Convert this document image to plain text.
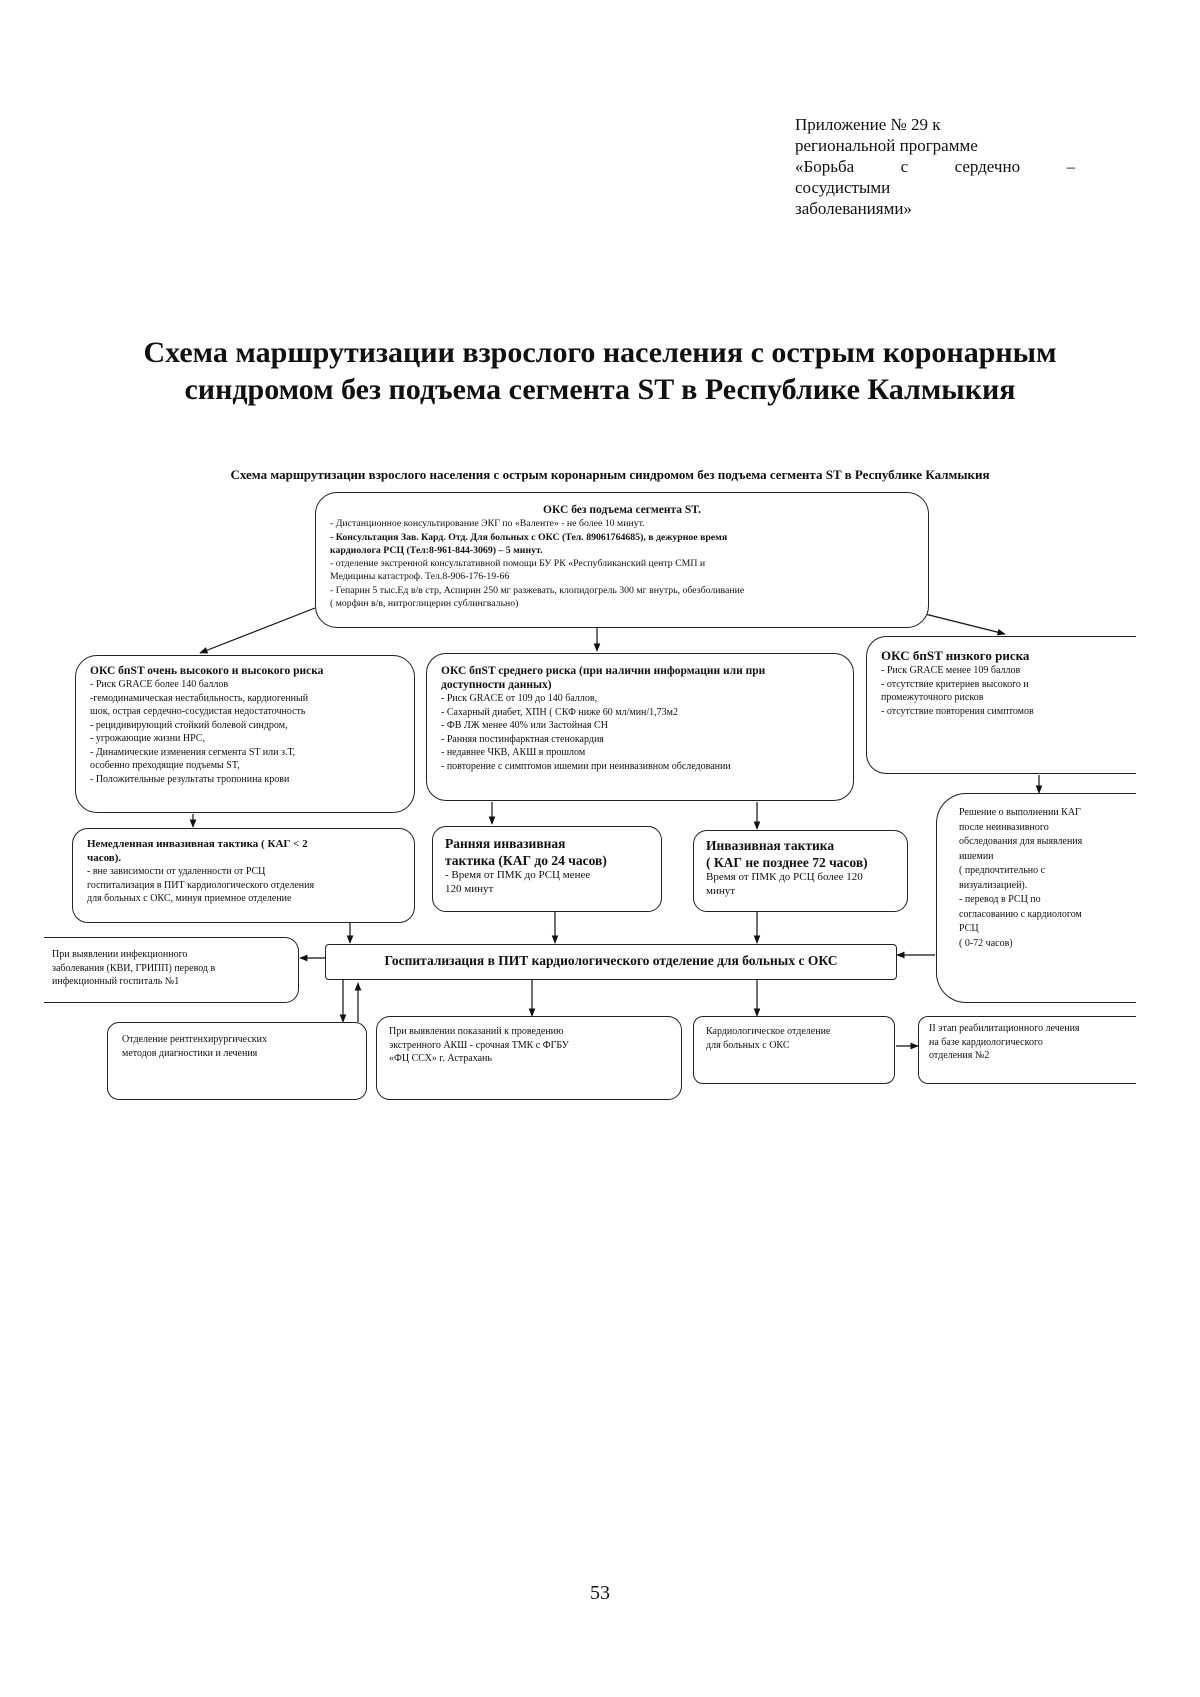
Приложение № 29 к
региональной программе
«Борьба	с	сердечно	–
сосудистыми
заболеваниями»
Схема маршрутизации взрослого населения с острым коронарным
синдромом без подъема сегмента ST в Республике Калмыкия
Схема маршрутизации взрослого населения с острым коронарным синдромом без подъема сегмента ST в Республике Калмыкия
ОКС без подъема сегмента ST.
- Дистанционное консультирование ЭКГ по «Валенте» - не более 10 минут.
- Консультация Зав. Кард. Отд. Для больных с ОКС (Тел. 89061764685), в дежурное время
кардиолога РСЦ (Тел:8-961-844-3069) – 5 минут.
- отделение экстренной консультативной помощи БУ РК «Республиканский центр СМП и
Медицины катастроф. Тел.8-906-176-19-66
- Гепарин 5 тыс.Ед в/в стр, Аспирин 250 мг разжевать, клопидогрель 300 мг внутрь, обезболивание
( морфин в/в, нитроглицерин сублингвально)
ОКС бпST очень высокого и высокого риска
- Риск GRACE более 140 баллов
-гемодинамическая нестабильность, кардиогенный
шок, острая сердечно-сосудистая недостаточность
- рецидивирующий стойкий болевой синдром,
- угрожающие жизни НРС,
- Динамические изменения сегмента ST или з.Т,
особенно преходящие подъемы ST,
- Положительные результаты тропонина крови
ОКС бпST среднего риска (при наличии информации или при
доступности данных)
- Риск GRACE от 109 до 140 баллов,
- Сахарный диабет, ХПН ( СКФ ниже 60 мл/мин/1,73м2
- ФВ ЛЖ менее 40% или Застойная СН
- Ранняя постинфарктная стенокардия
- недавнее ЧКВ, АКШ в прошлом
- повторение с симптомов ишемии при неинвазивном обследовании
ОКС бпST низкого риска
- Риск GRACE менее 109 баллов
- отсутствие критериев высокого и
промежуточного рисков
- отсутствие повторения симптомов
Немедленная инвазивная тактика ( КАГ < 2
часов).
- вне зависимости от удаленности от РСЦ
госпитализация в ПИТ кардиологического отделения
для больных с ОКС, минуя приемное отделение
Ранняя инвазивная
тактика (КАГ до 24 часов)
- Время от ПМК до РСЦ менее
120 минут
Инвазивная тактика
( КАГ не позднее 72 часов)
Время от ПМК до РСЦ более 120
минут
Решение о выполнении КАГ
после неинвазивного
обследования для выявления
ишемии
( предпочтительно с
визуализацией).
- перевод в РСЦ по
согласованию с кардиологом
РСЦ
( 0-72 часов)
При выявлении инфекционного
заболевания (КВИ, ГРИПП) перевод в
инфекционный госпиталь №1
Госпитализация в ПИТ кардиологического отделение для больных с ОКС
Отделение рентгенхирургических
методов диагностики и лечения
При выявлении показаний к проведению
экстренного АКШ - срочная ТМК с ФГБУ
«ФЦ ССХ» г. Астрахань
Кардиологическое отделение
для больных с ОКС
II этап реабилитационного лечения
на базе кардиологического
отделения №2
53
